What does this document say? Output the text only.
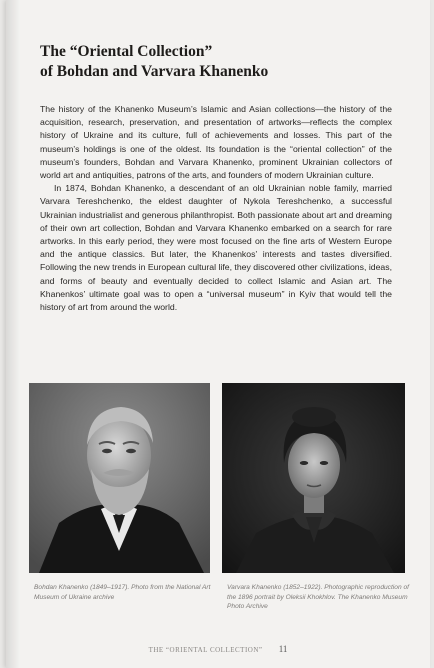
The “Oriental Collection”
of Bohdan and Varvara Khanenko

The history of the Khanenko Museum’s Islamic and Asian collections—the history of the acquisition, research, preservation, and presentation of artworks—reflects the complex history of Ukraine and its culture, full of achievements and losses. This part of the museum’s holdings is one of the oldest. Its foundation is the “oriental collection” of the museum’s founders, Bohdan and Varvara Khanenko, prominent Ukrainian collectors of world art and antiquities, patrons of the arts, and founders of modern Ukrainian culture.

In 1874, Bohdan Khanenko, a descendant of an old Ukrainian noble family, married Varvara Tereshchenko, the eldest daughter of Nykola Tereshchenko, a successful Ukrainian industrialist and generous philanthropist. Both passionate about art and dreaming of their own art collection, Bohdan and Varvara Khanenko embarked on a search for rare artworks. In this early period, they were most focused on the fine arts of Western Europe and the antique classics. But later, the Khanenkos’ interests and tastes diversified. Following the new trends in European cultural life, they discovered other civilizations, ideas, and forms of beauty and eventually decided to collect Islamic and Asian art. The Khanenkos’ ultimate goal was to open a “universal museum” in Kyiv that would tell the history of art from around the world.

Bohdan Khanenko (1849–1917). Photo from the National Art Museum of Ukraine archive
Varvara Khanenko (1852–1922). Photographic reproduction of the 1896 portrait by Oleksii Khokhlov. The Khanenko Museum Photo Archive
THE “ORIENTAL COLLECTION” 11
